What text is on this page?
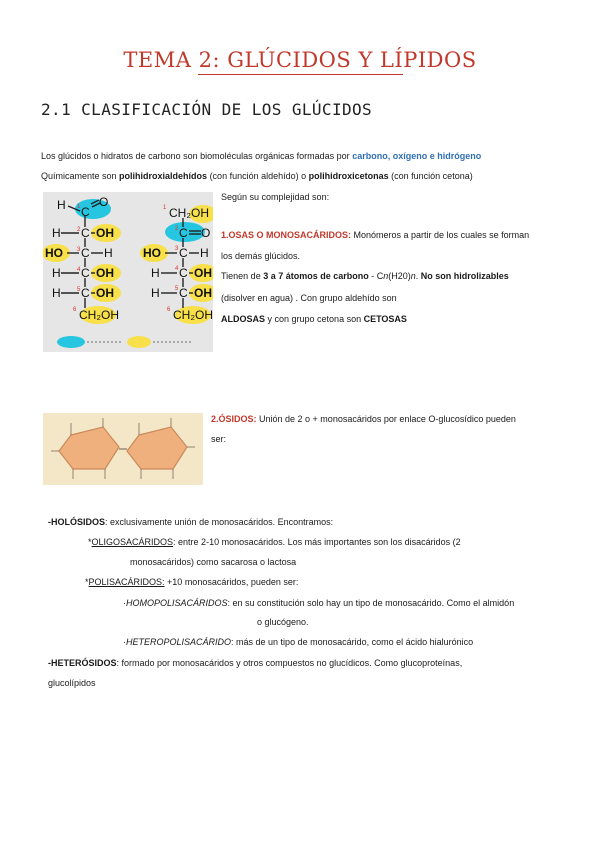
TEMA 2: GLÚCIDOS Y LÍPIDOS
2.1 CLASIFICACIÓN DE LOS GLÚCIDOS
Los glúcidos o hidratos de carbono son biomoléculas orgánicas formadas por carbono, oxígeno e hidrógeno
Químicamente son polihidroxialdehídos (con función aldehído) o polihidroxicetonas (con función cetona)
H C
O
H C OH
HO C H
H C OH
H C OH
CH₂OH
1
2
3
4
5
6
CH₂OH
C O
HO C H
H C OH
H C OH
CH₂OH
1
2
3
4
5
6
Según su complejidad son:
1.OSAS O MONOSACÁRIDOS: Monómeros a partir de los cuales se forman
los demás glúcidos.
Tienen de 3 a 7 átomos de carbono - Cn(H20)n. No son hidrolizables
(disolver en agua) . Con grupo aldehído son
ALDOSAS y con grupo cetona son CETOSAS
2.ÓSIDOS: Unión de 2 o + monosacáridos por enlace O-glucosídico pueden
ser:
-HOLÓSIDOS: exclusivamente unión de monosacáridos. Encontramos:
*OLIGOSACÁRIDOS: entre 2-10 monosacáridos. Los más importantes son los disacáridos (2
monosacáridos) como sacarosa o lactosa
*POLISACÁRIDOS: +10 monosacáridos, pueden ser:
·HOMOPOLISACÁRIDOS: en su constitución solo hay un tipo de monosacárido. Como el almidón
o glucógeno.
·HETEROPOLISACÁRIDO: más de un tipo de monosacárido, como el ácido hialurónico
-HETERÓSIDOS: formado por monosacáridos y otros compuestos no glucídicos. Como glucoproteínas,
glucolípidos
